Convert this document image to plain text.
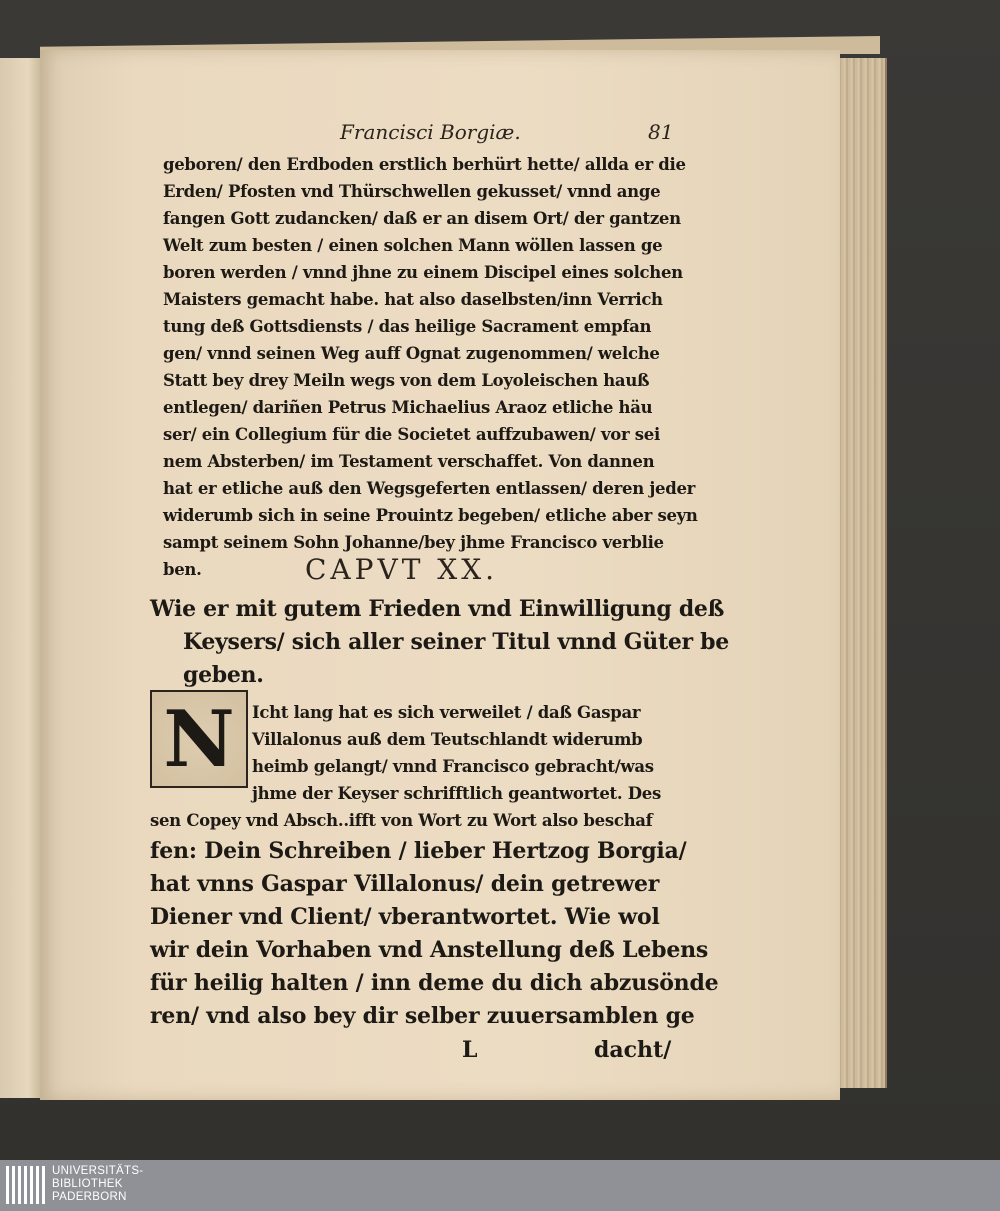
Francisci Borgiæ.	81
geboren/ den Erdboden erstlich berhürt hette/ allda er die
Erden/ Pfosten vnd Thürschwellen gekusset/ vnnd ange
fangen Gott zudancken/ daß er an disem Ort/ der gantzen
Welt zum besten / einen solchen Mann wöllen lassen ge
boren werden / vnnd jhne zu einem Discipel eines solchen
Maisters gemacht habe. hat also daselbsten/inn Verrich
tung deß Gottsdiensts / das heilige Sacrament empfan
gen/ vnnd seinen Weg auff Ognat zugenommen/ welche
Statt bey drey Meiln wegs von dem Loyoleischen hauß
entlegen/ dariñen Petrus Michaelius Araoz etliche häu
ser/ ein Collegium für die Societet auffzubawen/ vor sei
nem Absterben/ im Testament verschaffet. Von dannen
hat er etliche auß den Wegsgeferten entlassen/ deren jeder
widerumb sich in seine Prouintz begeben/ etliche aber seyn
sampt seinem Sohn Johanne/bey jhme Francisco verblie
ben.	CAPVT XX.
Wie er mit gutem Frieden vnd Einwilligung deß
Keysers/ sich aller seiner Titul vnnd Güter be
geben.
N	Icht lang hat es sich verweilet / daß Gaspar
Villalonus auß dem Teutschlandt widerumb
heimb gelangt/ vnnd Francisco gebracht/was
jhme der Keyser schrifftlich geantwortet. Des
sen Copey vnd Absch..ifft von Wort zu Wort also beschaf
fen: Dein Schreiben / lieber Hertzog Borgia/
hat vnns Gaspar Villalonus/ dein getrewer
Diener vnd Client/ vberantwortet. Wie wol
wir dein Vorhaben vnd Anstellung deß Lebens
für heilig halten / inn deme du dich abzusönde
ren/ vnd also bey dir selber zuuersamblen ge
L	dacht/
UNIVERSITÄTS-
BIBLIOTHEK
PADERBORN
